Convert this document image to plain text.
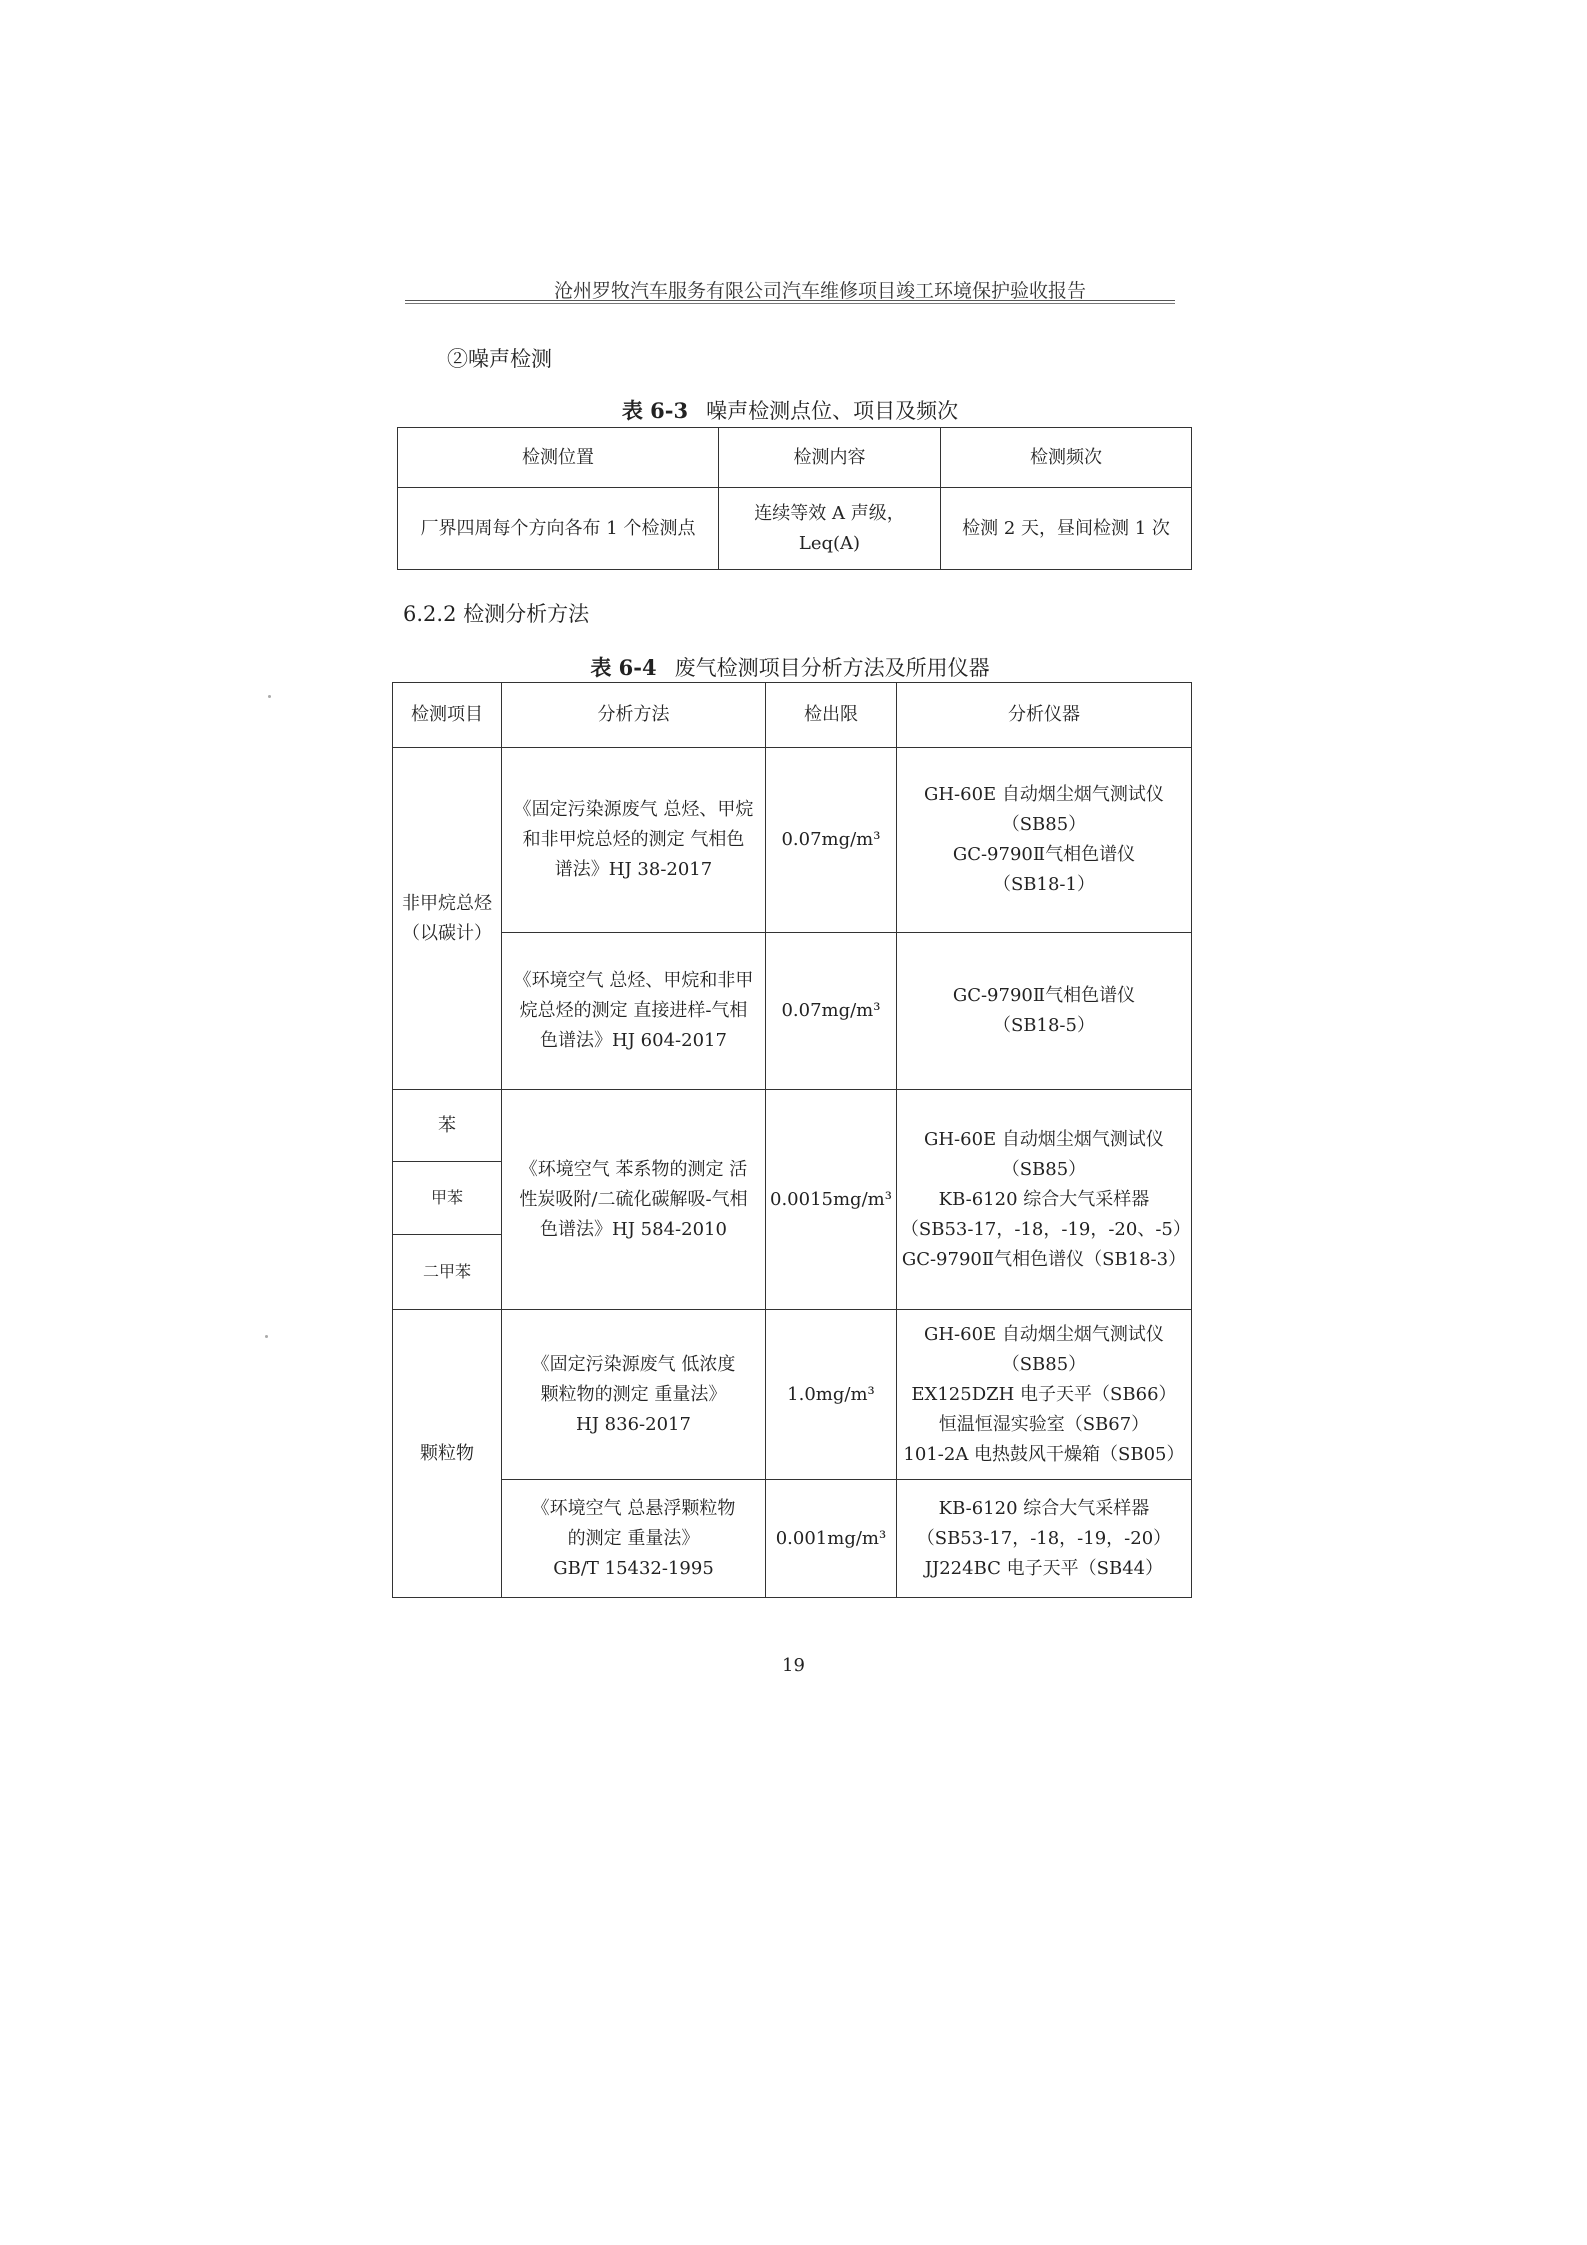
沧州罗牧汽车服务有限公司汽车维修项目竣工环境保护验收报告
②噪声检测
表 6-3 噪声检测点位、项目及频次
检测位置	检测内容	检测频次
厂界四周每个方向各布 1 个检测点	连续等效 A 声级，
Leq(A)	检测 2 天，昼间检测 1 次
6.2.2 检测分析方法
表 6-4 废气检测项目分析方法及所用仪器
检测项目	分析方法	检出限	分析仪器

非甲烷总烃
（以碳计）	《固定污染源废气 总烃、甲烷
和非甲烷总烃的测定 气相色
谱法》HJ 38-2017	0.07mg/m³	GH-60E 自动烟尘烟气测试仪
（SB85）
GC-9790Ⅱ气相色谱仪
（SB18-1）

	《环境空气 总烃、甲烷和非甲
烷总烃的测定 直接进样-气相
色谱法》HJ 604-2017	0.07mg/m³	GC-9790Ⅱ气相色谱仪
（SB18-5）

苯	《环境空气 苯系物的测定 活
性炭吸附/二硫化碳解吸-气相
色谱法》HJ 584-2010	0.0015mg/m³	GH-60E 自动烟尘烟气测试仪
（SB85）
KB-6120 综合大气采样器
（SB53-17，-18，-19，-20、-5）
GC-9790Ⅱ气相色谱仪（SB18-3）

甲苯			
二甲苯			
颗粒物	《固定污染源废气 低浓度
颗粒物的测定 重量法》
HJ 836-2017	1.0mg/m³	GH-60E 自动烟尘烟气测试仪
（SB85）
EX125DZH 电子天平（SB66）
恒温恒湿实验室（SB67）
101-2A 电热鼓风干燥箱（SB05）

	《环境空气 总悬浮颗粒物
的测定 重量法》
GB/T 15432-1995	0.001mg/m³	KB-6120 综合大气采样器
（SB53-17，-18，-19，-20）
JJ224BC 电子天平（SB44）
19
